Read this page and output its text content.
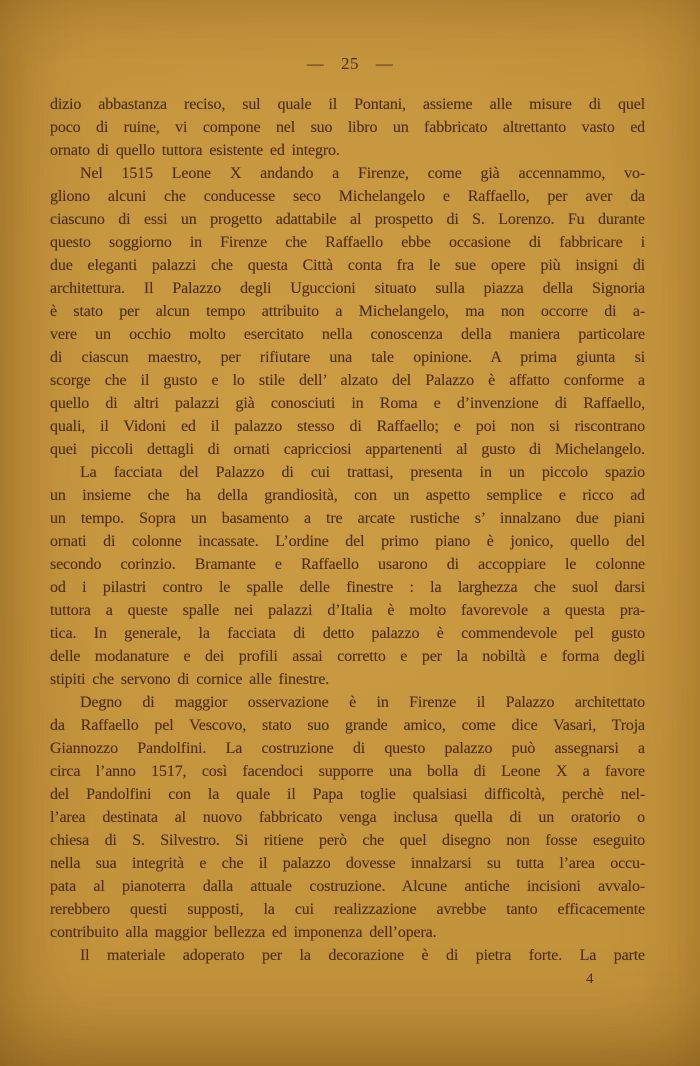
— 25 —
dizio abbastanza reciso, sul quale il Pontani, assieme alle misure di quel
poco di ruine, vi compone nel suo libro un fabbricato altrettanto vasto ed
ornato di quello tuttora esistente ed integro.
Nel 1515 Leone X andando a Firenze, come già accennammo, vo-
gliono alcuni che conducesse seco Michelangelo e Raffaello, per aver da
ciascuno di essi un progetto adattabile al prospetto di S. Lorenzo. Fu durante
questo soggiorno in Firenze che Raffaello ebbe occasione di fabbricare i
due eleganti palazzi che questa Città conta fra le sue opere più insigni di
architettura. Il Palazzo degli Uguccioni situato sulla piazza della Signoria
è stato per alcun tempo attribuito a Michelangelo, ma non occorre di a-
vere un occhio molto esercitato nella conoscenza della maniera particolare
di ciascun maestro, per rifiutare una tale opinione. A prima giunta si
scorge che il gusto e lo stile dell’ alzato del Palazzo è affatto conforme a
quello di altri palazzi già conosciuti in Roma e d’invenzione di Raffaello,
quali, il Vidoni ed il palazzo stesso di Raffaello; e poi non si riscontrano
quei piccoli dettagli di ornati capricciosi appartenenti al gusto di Michelangelo.
La facciata del Palazzo di cui trattasi, presenta in un piccolo spazio
un insieme che ha della grandiosità, con un aspetto semplice e ricco ad
un tempo. Sopra un basamento a tre arcate rustiche s’ innalzano due piani
ornati di colonne incassate. L’ordine del primo piano è jonico, quello del
secondo corinzio. Bramante e Raffaello usarono di accoppiare le colonne
od i pilastri contro le spalle delle finestre : la larghezza che suol darsi
tuttora a queste spalle nei palazzi d’Italia è molto favorevole a questa pra-
tica. In generale, la facciata di detto palazzo è commendevole pel gusto
delle modanature e dei profili assai corretto e per la nobiltà e forma degli
stipiti che servono di cornice alle finestre.
Degno di maggior osservazione è in Firenze il Palazzo architettato
da Raffaello pel Vescovo, stato suo grande amico, come dice Vasari, Troja
Giannozzo Pandolfini. La costruzione di questo palazzo può assegnarsi a
circa l’anno 1517, così facendoci supporre una bolla di Leone X a favore
del Pandolfini con la quale il Papa toglie qualsiasi difficoltà, perchè nel-
l’area destinata al nuovo fabbricato venga inclusa quella di un oratorio o
chiesa di S. Silvestro. Si ritiene però che quel disegno non fosse eseguito
nella sua integrità e che il palazzo dovesse innalzarsi su tutta l’area occu-
pata al pianoterra dalla attuale costruzione. Alcune antiche incisioni avvalo-
rerebbero questi supposti, la cui realizzazione avrebbe tanto efficacemente
contribuito alla maggior bellezza ed imponenza dell’opera.
Il materiale adoperato per la decorazione è di pietra forte. La parte
4
